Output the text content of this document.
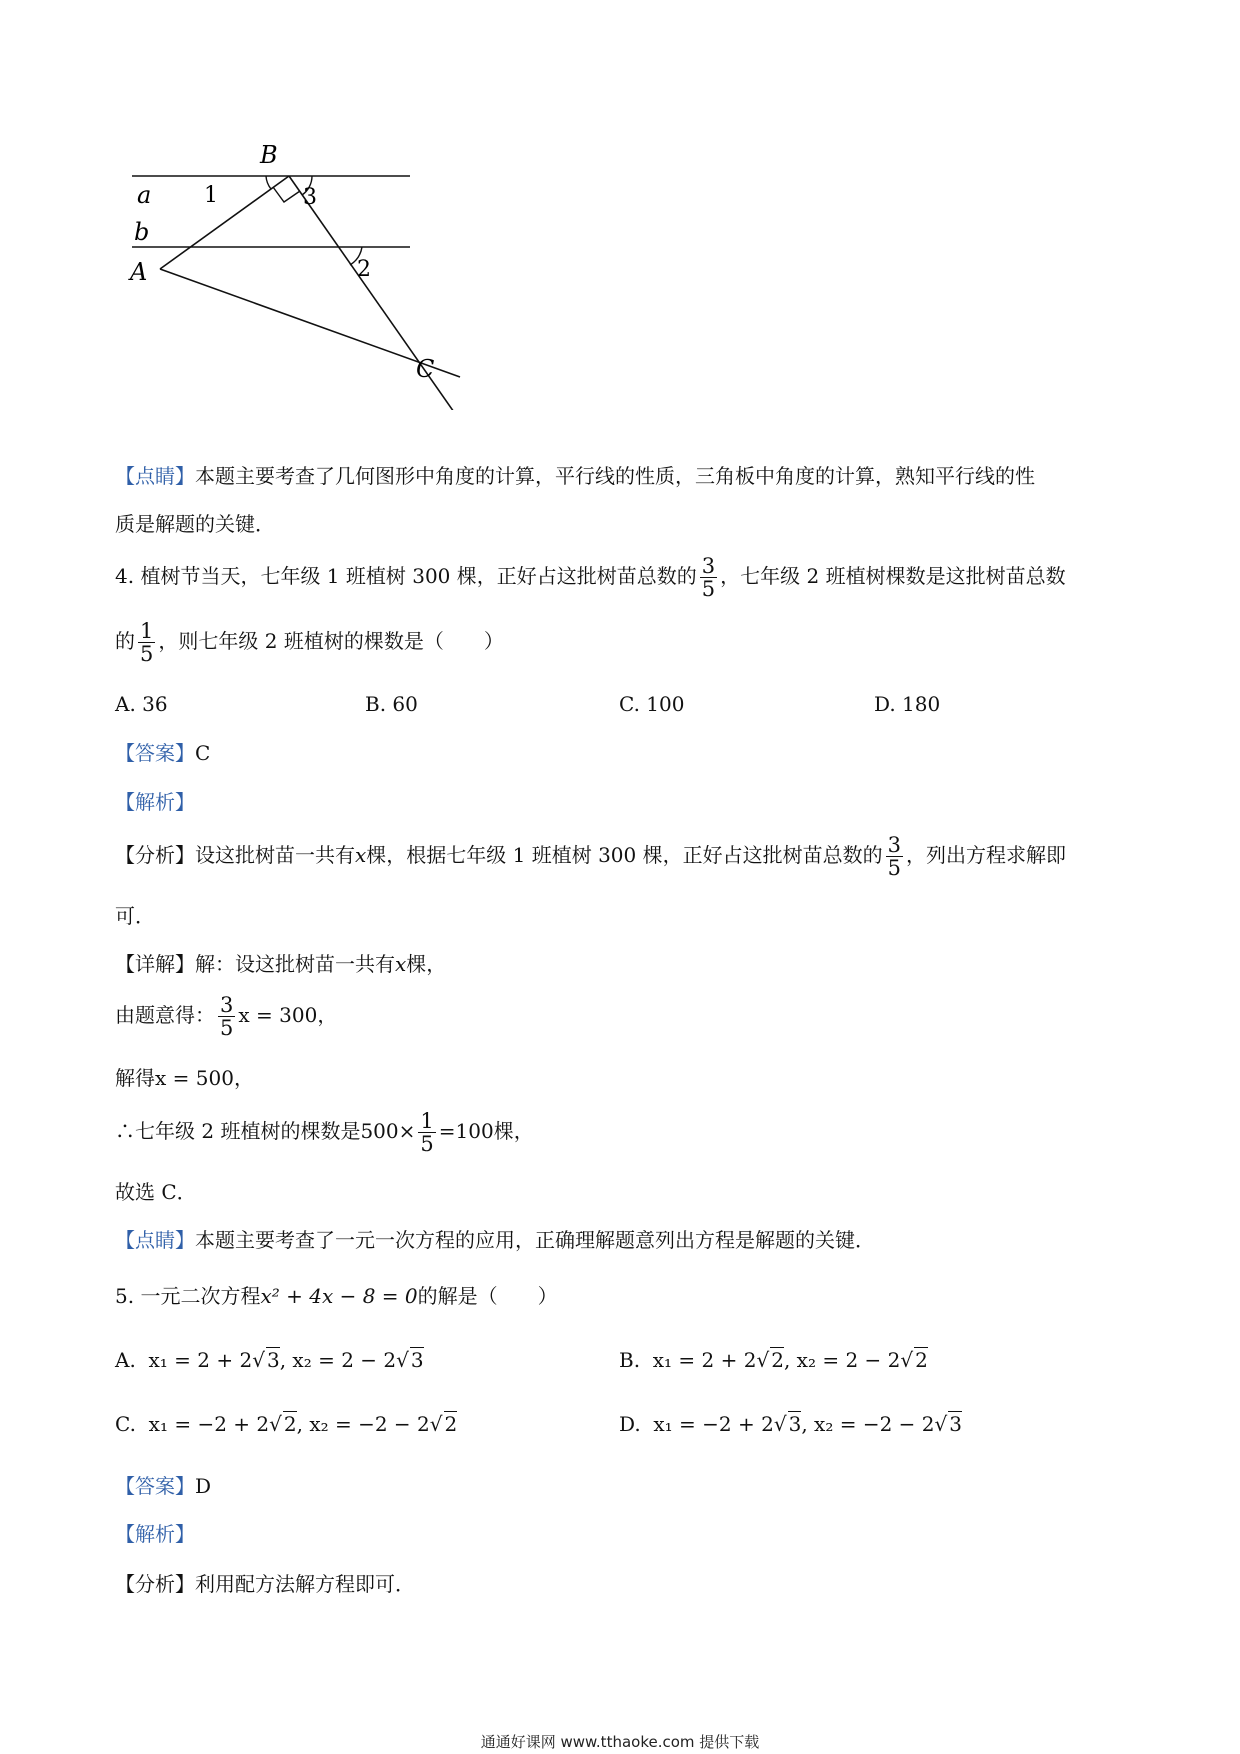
B
a
b
A
C
1	3
2
【点睛】本题主要考查了几何图形中角度的计算，平行线的性质，三角板中角度的计算，熟知平行线的性
质是解题的关键．
4. 植树节当天，七年级 1 班植树 300 棵，正好占这批树苗总数的 $\frac{3}{5}$ ，七年级 2 班植树棵数是这批树苗总数
的 $\frac{1}{5}$ ，则七年级 2 班植树的棵数是（　　）
A. 36	B. 60	C. 100	D. 180
【答案】C
【解析】
【分析】设这批树苗一共有x棵，根据七年级 1 班植树 300 棵，正好占这批树苗总数的 $\frac{3}{5}$ ，列出方程求解即
可．
【详解】解：设这批树苗一共有x棵，
由题意得： $\frac{3}{5}$ x = 300，
解得x = 500，
∴七年级 2 班植树的棵数是$500\times \frac{1}{5} =100$棵，
故选 C．
【点睛】本题主要考查了一元一次方程的应用，正确理解题意列出方程是解题的关键．
5. 一元二次方程x² + 4x − 8 = 0的解是（　　）
A. x₁ = 2 + 2√ 3, x₂ = 2 − 2√ 3	B. x₁ = 2 + 2√ 2, x₂ = 2 − 2√ 2
C. x₁ = −2 + 2√ 2, x₂ = −2 − 2√ 2	D. x₁ = −2 + 2√ 3, x₂ = −2 − 2√ 3
【答案】D
【解析】
【分析】利用配方法解方程即可．
通通好课网 www.tthaoke.com 提供下载
